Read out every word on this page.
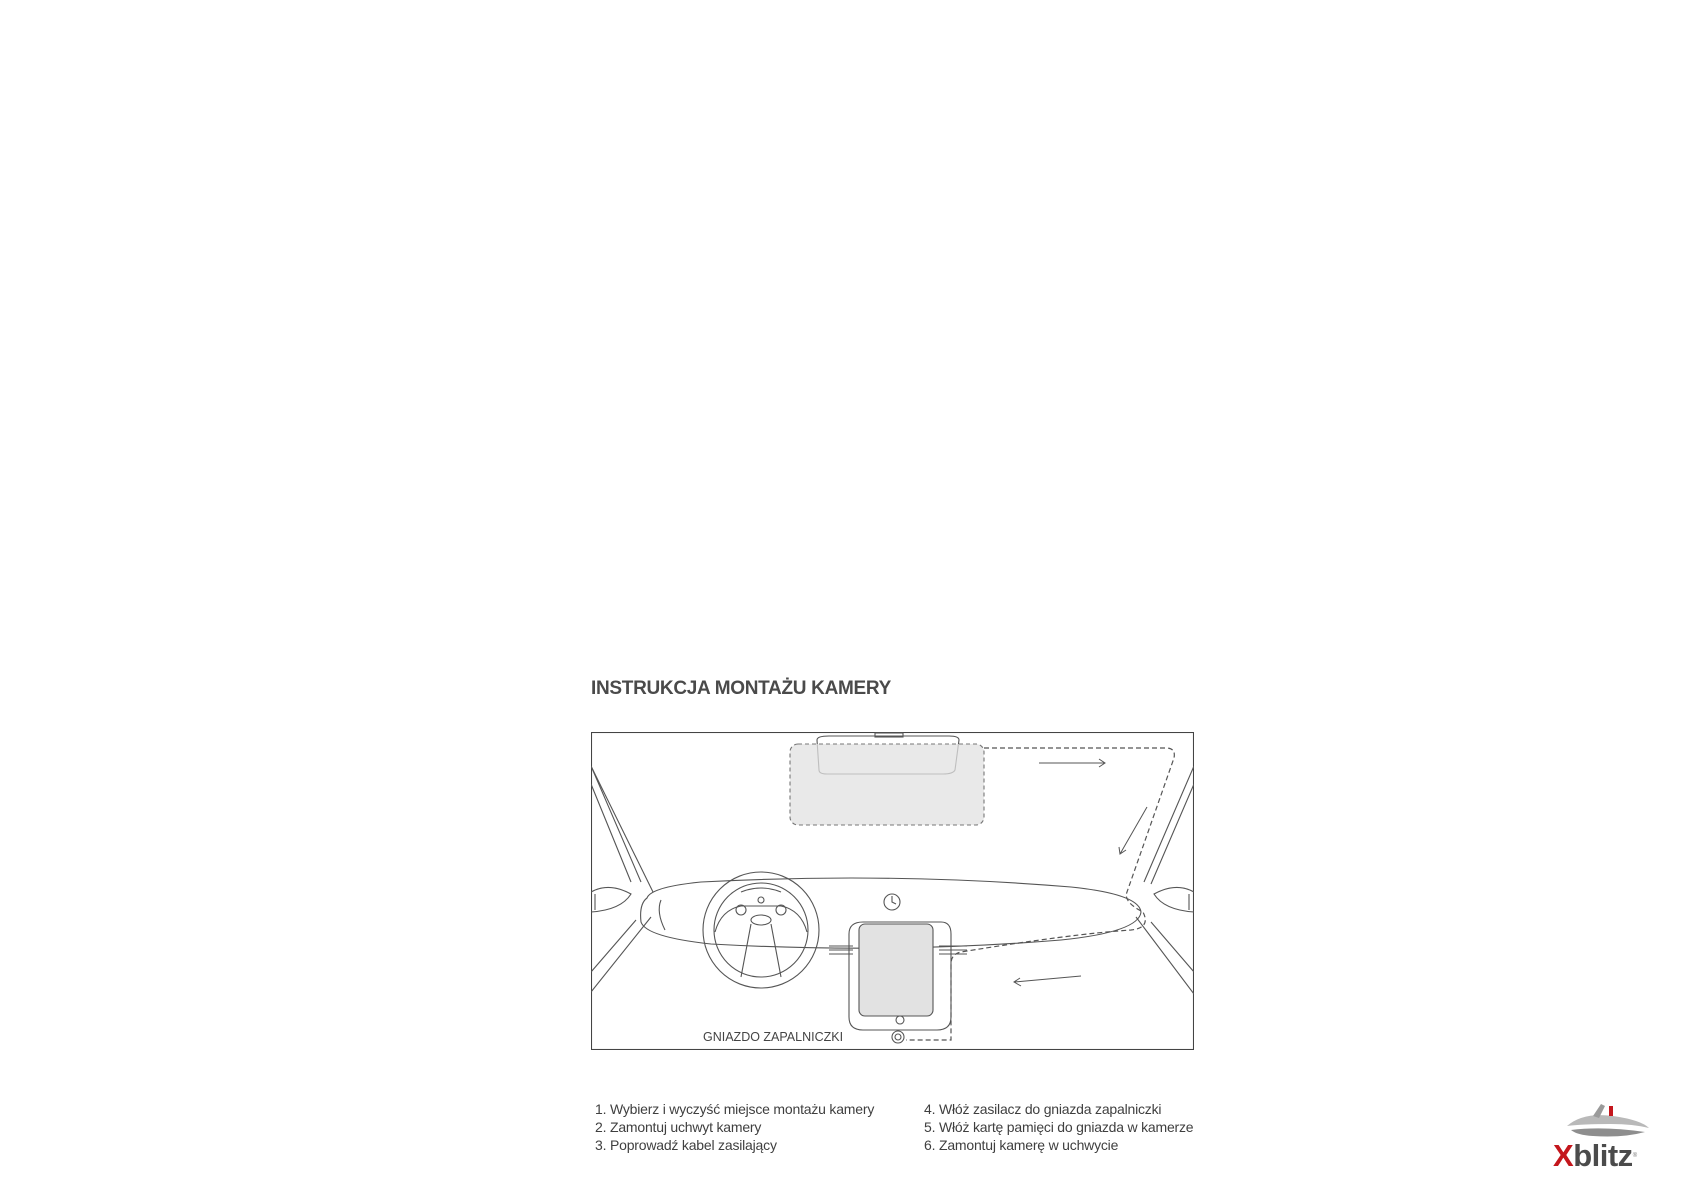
INSTRUKCJA MONTAŻU KAMERY
GNIAZDO ZAPALNICZKI
1. Wybierz i wyczyść miejsce montażu kamery
2. Zamontuj uchwyt kamery
3. Poprowadź kabel zasilający
4. Włóż zasilacz do gniazda zapalniczki
5. Włóż kartę pamięci do gniazda w kamerze
6. Zamontuj kamerę w uchwycie	Xblitz®
